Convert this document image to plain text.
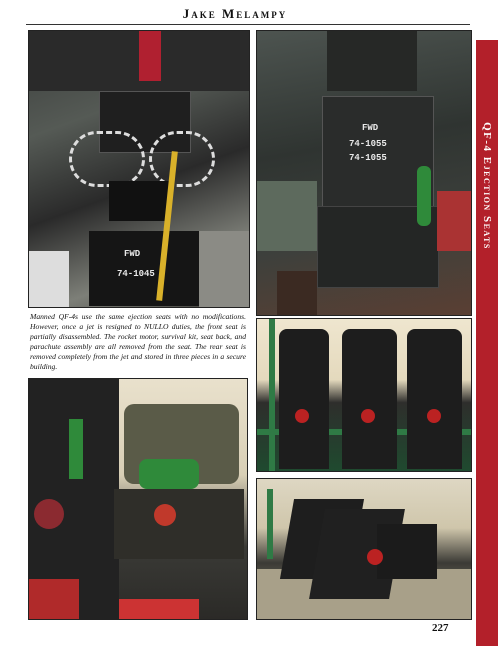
Jake Melampy
QF-4 Ejection Seats
FWD
74-1045
FWD
74-1055
74-1055
Manned QF-4s use the same ejection seats with no modifications. However, once a jet is resigned to NULLO duties, the front seat is partially disassembled. The rocket motor, survival kit, seat back, and parachute assembly are all removed from the seat. The rear seat is removed completely from the jet and stored in three pieces in a secure building.
227
